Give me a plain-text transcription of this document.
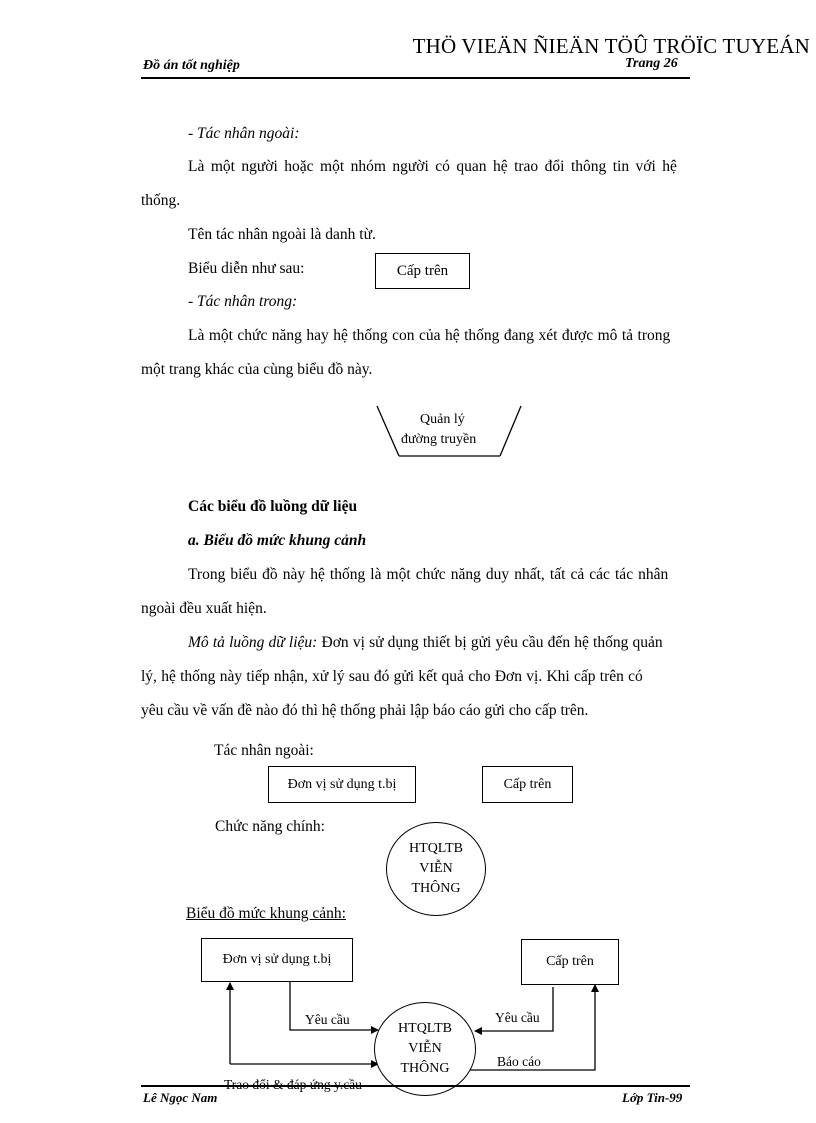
THÖ VIEÄN ÑIEÄN TÖÛ TRÖÏC TUYEÁN
Đồ án tốt nghiệp	Trang 26
- Tác nhân ngoài:
Là một người hoặc một nhóm người có quan hệ trao đổi thông tin với hệ
thống.
Tên tác nhân ngoài là danh từ.
Biểu diễn như sau:	Cấp trên
- Tác nhân trong:
Là một chức năng hay hệ thống con của hệ thống đang xét được mô tả trong
một trang khác của cùng biểu đồ này.
Quản lý
đường truyền
Các biểu đồ luồng dữ liệu
a. Biểu đồ mức khung cảnh
Trong biểu đồ này hệ thống là một chức năng duy nhất, tất cả các tác nhân
ngoài đều xuất hiện.
Mô tả luồng dữ liệu: Đơn vị sử dụng thiết bị gửi yêu cầu đến hệ thống quản
lý, hệ thống này tiếp nhận, xử lý sau đó gửi kết quả cho Đơn vị. Khi cấp trên có
yêu cầu về vấn đề nào đó thì hệ thống phải lập báo cáo gửi cho cấp trên.
Tác nhân ngoài:
Đơn vị sử dụng t.bị	Cấp trên
Chức năng chính:
HTQLTB
VIỄN
THÔNG
Biểu đồ mức khung cảnh:
Đơn vị sử dụng t.bị	Cấp trên
HTQLTB
VIỄN
THÔNG
Yêu cầu	Yêu cầu
Báo cáo
Lê Ngọc Nam	Lớp Tin-99
